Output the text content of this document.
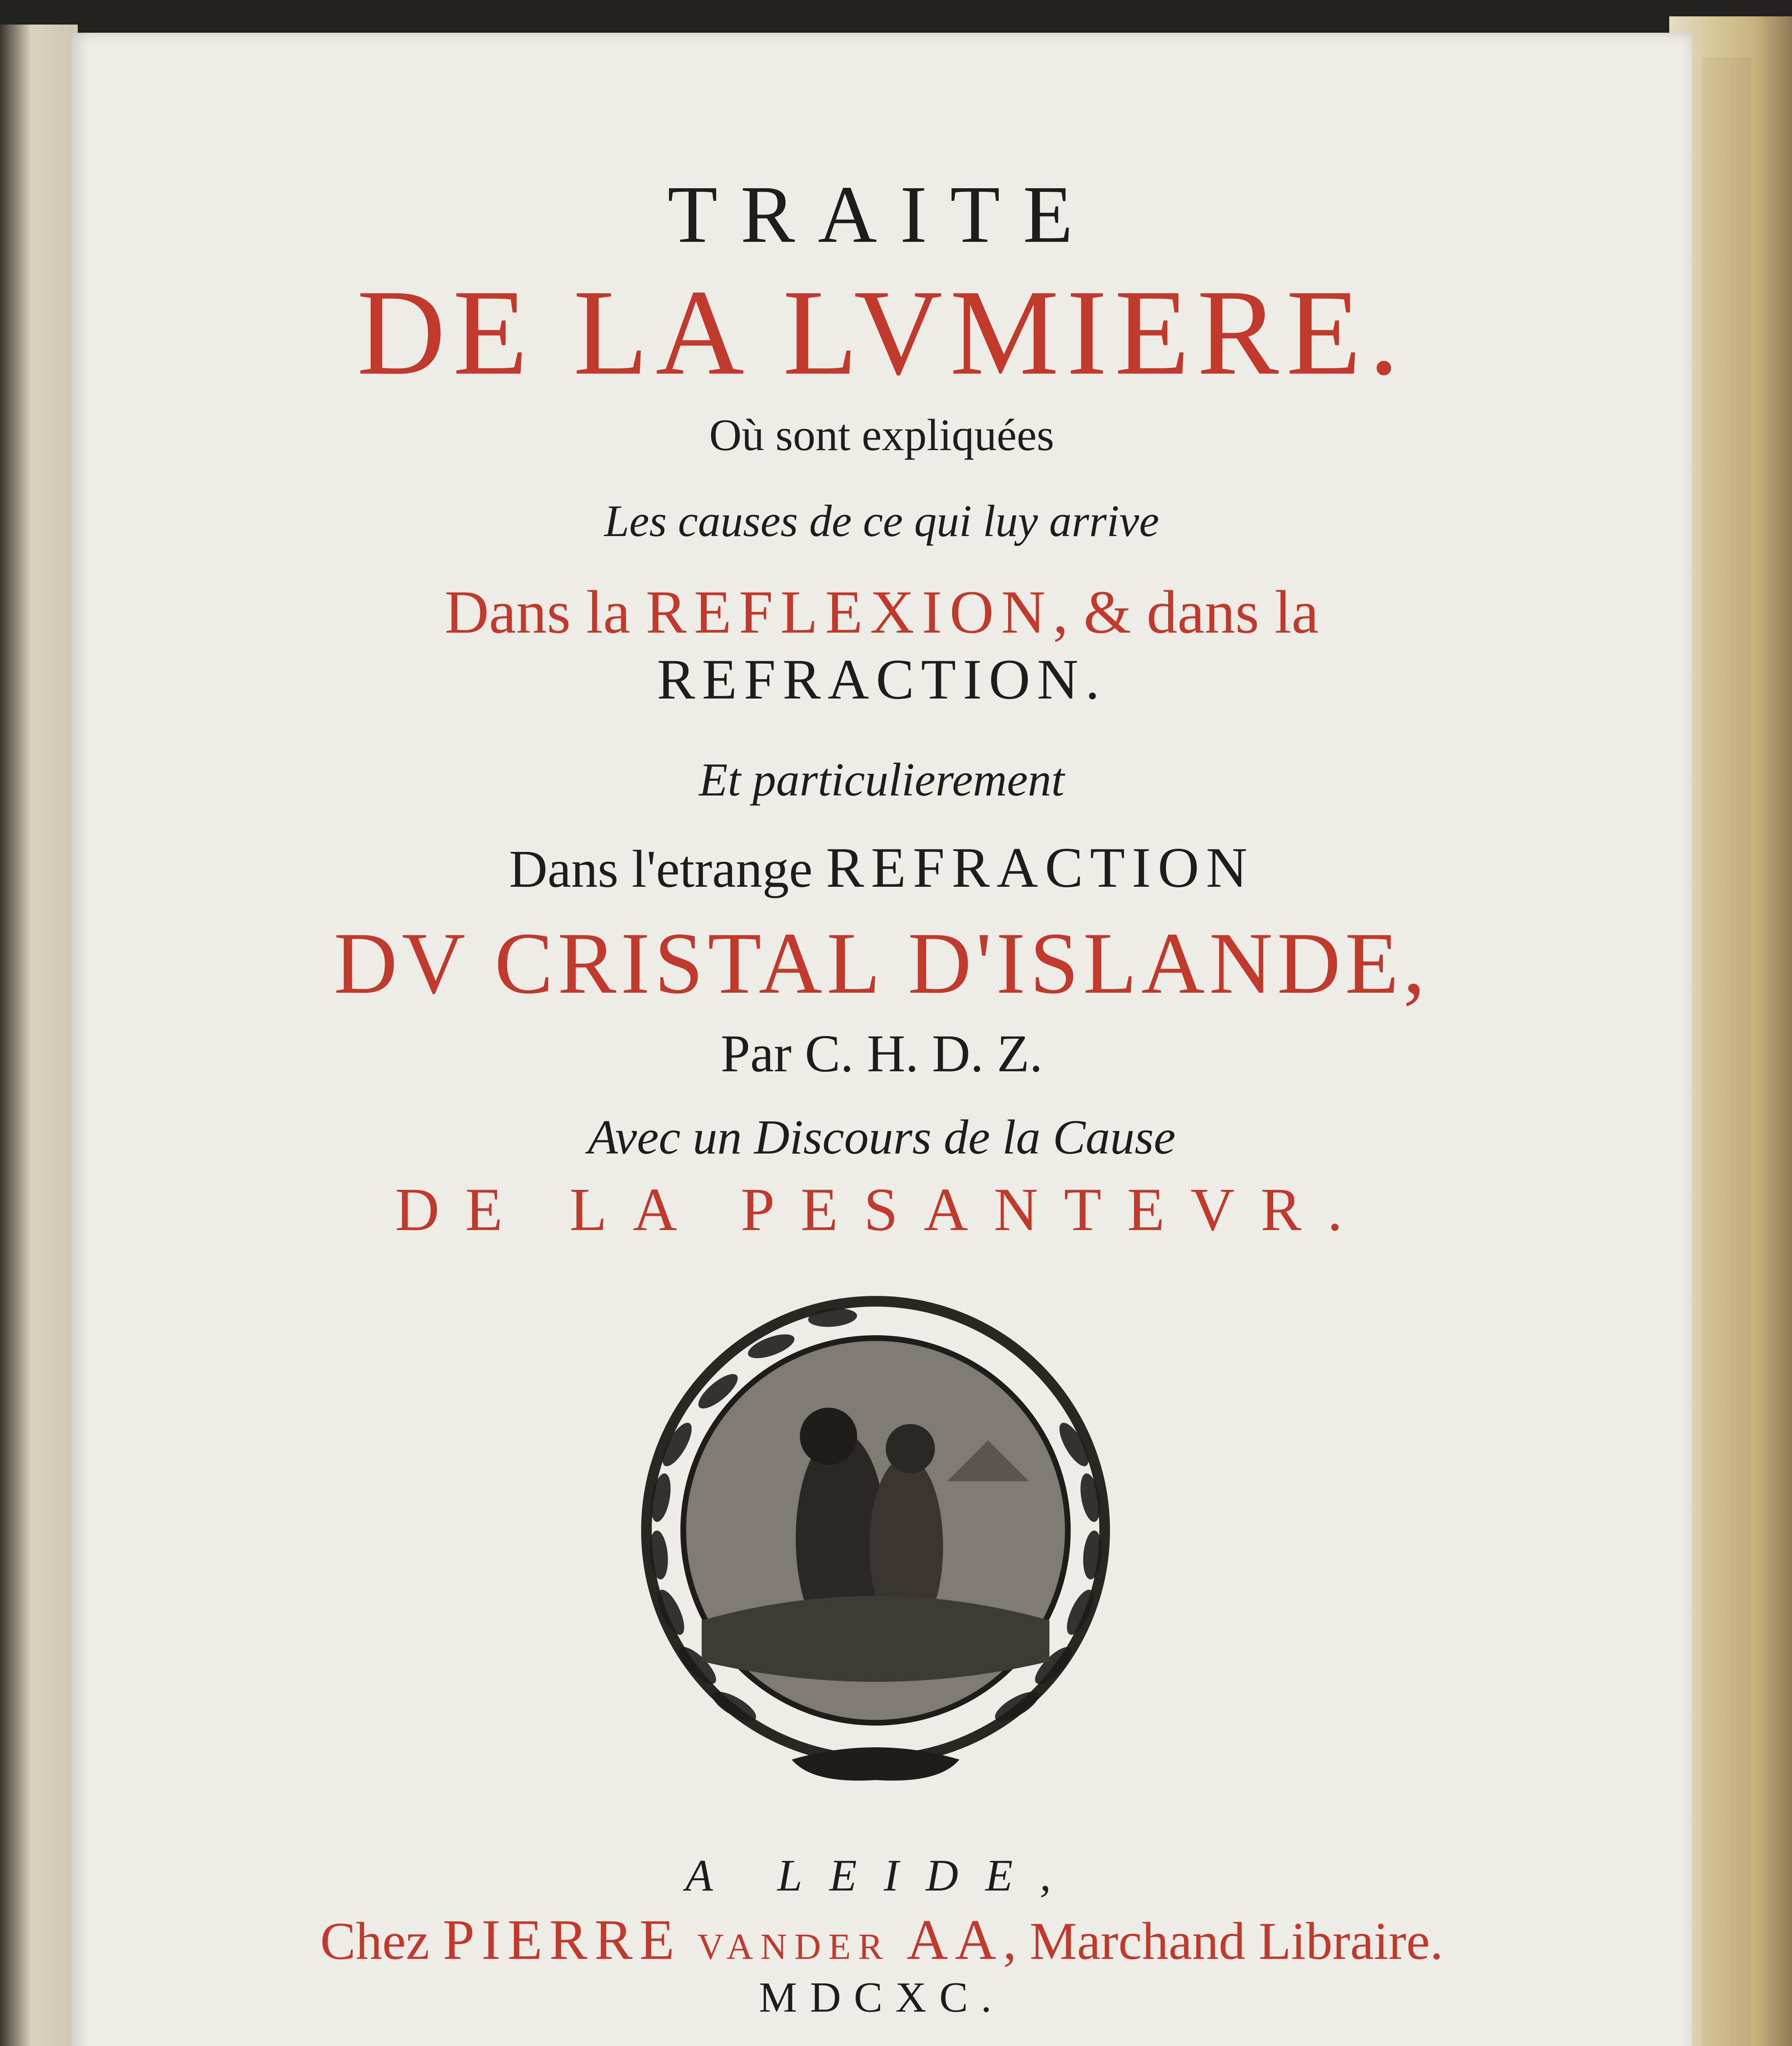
TRAITE
DE LA LVMIERE.
Où sont expliquées
Les causes de ce qui luy arrive
Dans la REFLEXION, & dans la
REFRACTION.
Et particulierement
Dans l'etrange REFRACTION
DV CRISTAL D'ISLANDE,
Par C. H. D. Z.
Avec un Discours de la Cause
DE LA PESANTEVR.
A LEIDE,
Chez PIERRE VANDER AA, Marchand Libraire.
MDCXC.
